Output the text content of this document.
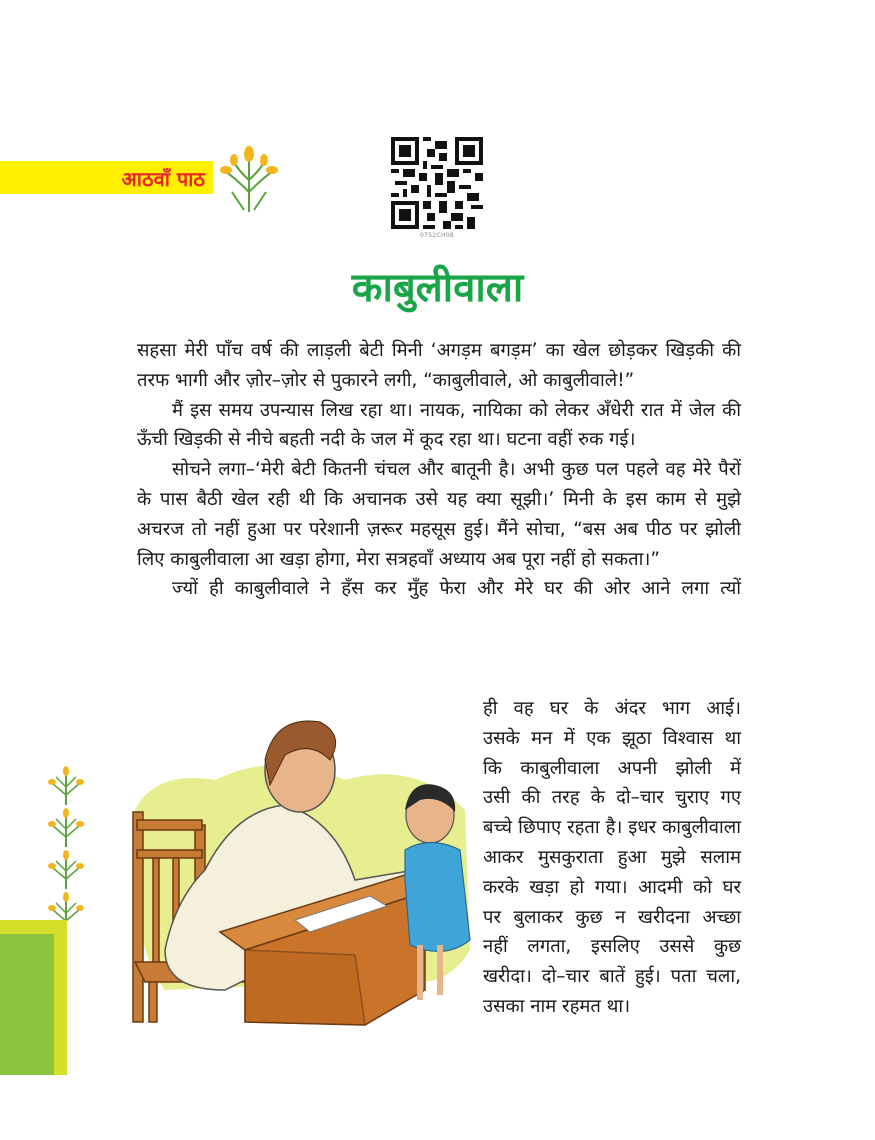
आठवाँ पाठ
0752CH08
काबुलीवाला

सहसा मेरी पाँच वर्ष की लाड़ली बेटी मिनी ‘अगड़म बगड़म’ का खेल छोड़कर खिड़की की तरफ भागी और ज़ोर–ज़ोर से पुकारने लगी, “काबुलीवाले, ओ काबुलीवाले!”

मैं इस समय उपन्यास लिख रहा था। नायक, नायिका को लेकर अँधेरी रात में जेल की ऊँची खिड़की से नीचे बहती नदी के जल में कूद रहा था। घटना वहीं रुक गई।

सोचने लगा–‘मेरी बेटी कितनी चंचल और बातूनी है। अभी कुछ पल पहले वह मेरे पैरों के पास बैठी खेल रही थी कि अचानक उसे यह क्या सूझी।’ मिनी के इस काम से मुझे अचरज तो नहीं हुआ पर परेशानी ज़रूर महसूस हुई। मैंने सोचा, “बस अब पीठ पर झोली लिए काबुलीवाला आ खड़ा होगा, मेरा सत्रहवाँ अध्याय अब पूरा नहीं हो सकता।”

ज्यों ही काबुलीवाले ने हँस कर मुँह फेरा और मेरे घर की ओर आने लगा त्यों

ही वह घर के अंदर भाग आई।
उसके मन में एक झूठा विश्वास था
कि काबुलीवाला अपनी झोली में
उसी की तरह के दो–चार चुराए गए
बच्चे छिपाए रहता है। इधर काबुलीवाला
आकर मुसकुराता हुआ मुझे सलाम
करके खड़ा हो गया। आदमी को घर
पर बुलाकर कुछ न खरीदना अच्छा
नहीं लगता, इसलिए उससे कुछ
खरीदा। दो–चार बातें हुई। पता चला,
उसका नाम रहमत था।
